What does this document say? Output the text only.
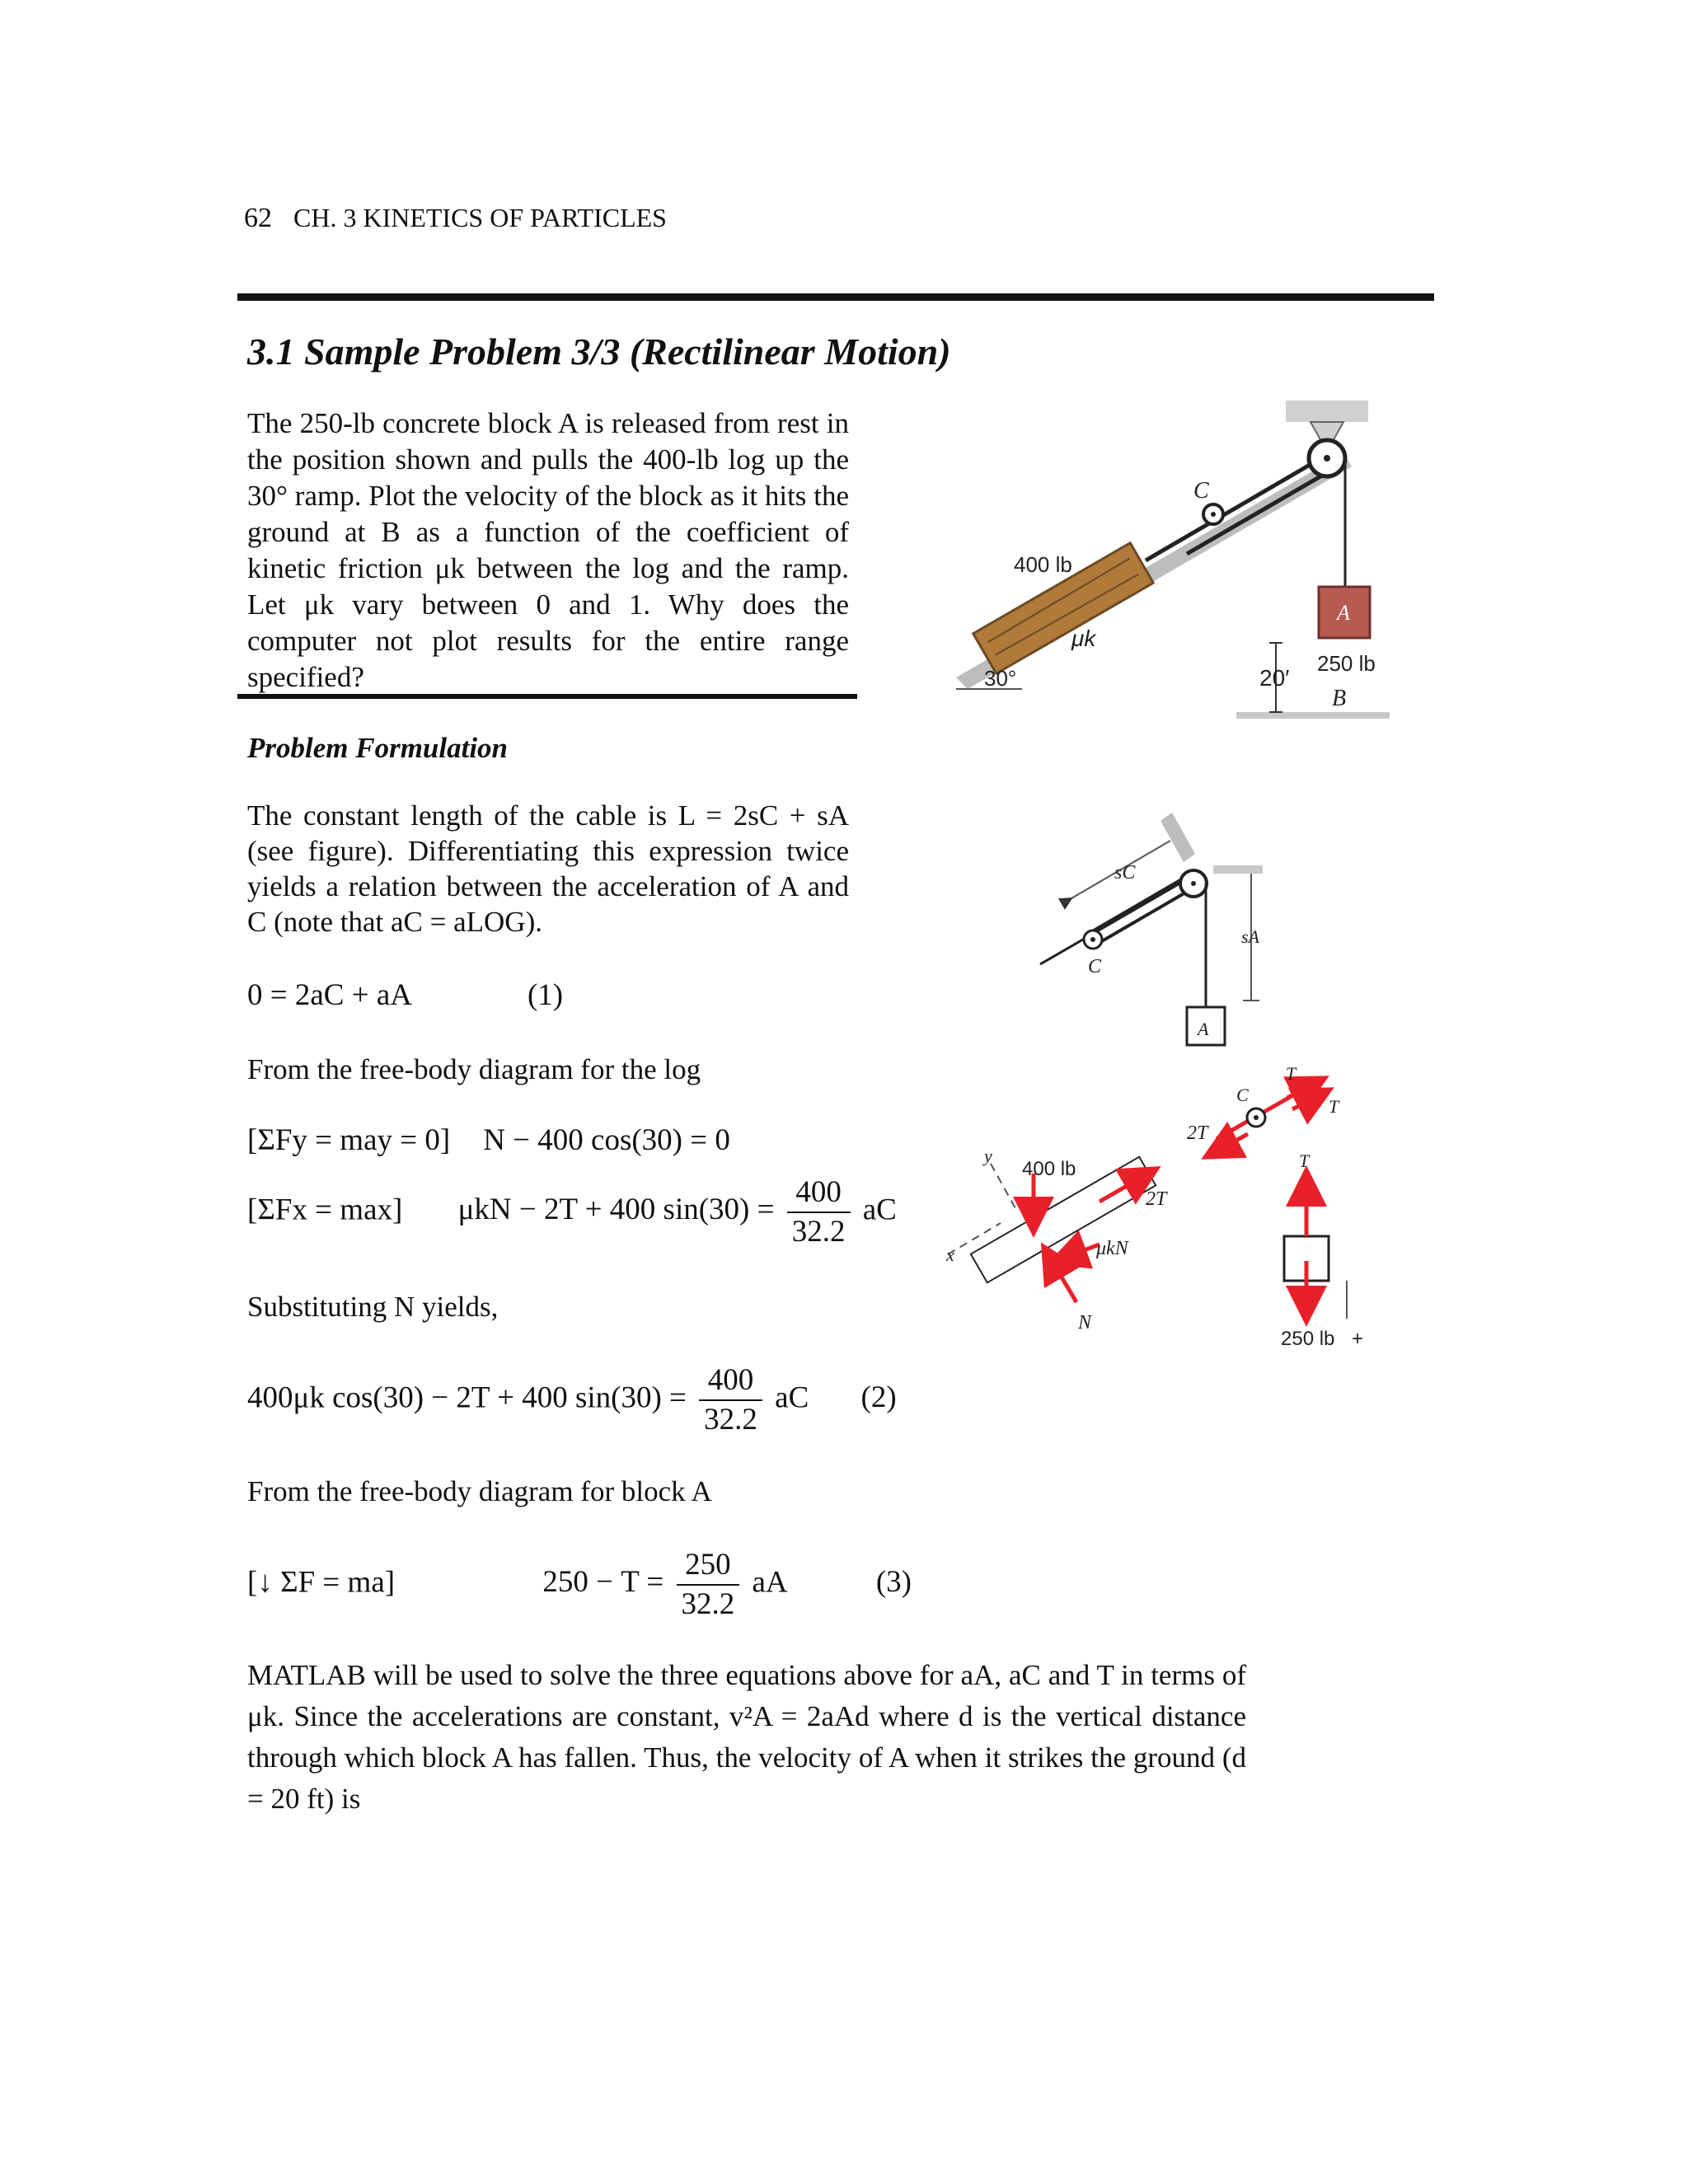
62 CH. 3 KINETICS OF PARTICLES
3.1 Sample Problem 3/3 (Rectilinear Motion)
The 250-lb concrete block A is released from rest in the position shown and pulls the 400-lb log up the 30° ramp. Plot the velocity of the block as it hits the ground at B as a function of the coefficient of kinetic friction μk between the log and the ramp. Let μk vary between 0 and 1. Why does the computer not plot results for the entire range specified?
Problem Formulation
The constant length of the cable is L = 2sC + sA (see figure). Differentiating this expression twice yields a relation between the acceleration of A and C (note that aC = aLOG).
0 = 2aC + aA	(1)
From the free-body diagram for the log
[ΣFy = may = 0] N − 400 cos(30) = 0
[ΣFx = max] μkN − 2T + 400 $\sin(30) = \frac{400}{32.2}$ aC
Substituting N yields,
400μk cos(30) − 2T + 400 $\sin(30) = \frac{400}{32.2}$ aC (2)
From the free-body diagram for block A
[↓ ΣF = ma]	$250 - T = \frac{250}{32.2}$ aA	(3)
MATLAB will be used to solve the three equations above for aA, aC and T in terms of μk. Since the accelerations are constant, v²A = 2aAd where d is the vertical distance through which block A has fallen. Thus, the velocity of A when it strikes the ground (d = 20 ft) is
400 lb
μk
30°
C
A
250 lb
20′
B
sC
sA
C
A
400 lb
2T
μkN
N
x
y
2T
C
T
T
T
250 lb +
